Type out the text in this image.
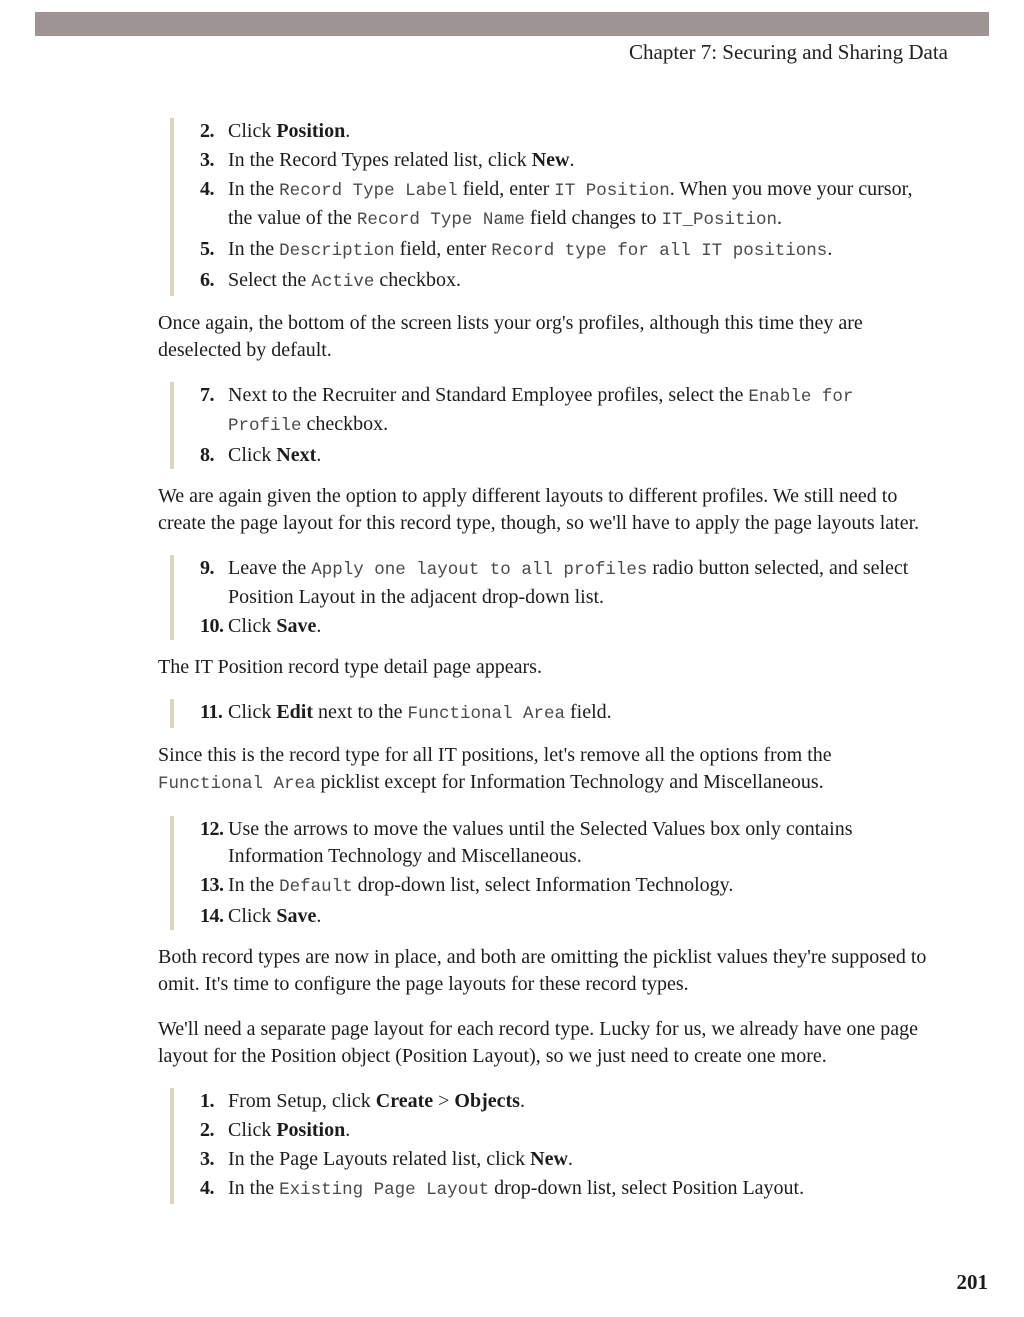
Chapter 7: Securing and Sharing Data
2. Click Position.
3. In the Record Types related list, click New.
4. In the Record Type Label field, enter IT Position. When you move your cursor, the value of the Record Type Name field changes to IT_Position.
5. In the Description field, enter Record type for all IT positions.
6. Select the Active checkbox.
Once again, the bottom of the screen lists your org's profiles, although this time they are deselected by default.
7. Next to the Recruiter and Standard Employee profiles, select the Enable for Profile checkbox.
8. Click Next.
We are again given the option to apply different layouts to different profiles. We still need to create the page layout for this record type, though, so we'll have to apply the page layouts later.
9. Leave the Apply one layout to all profiles radio button selected, and select Position Layout in the adjacent drop-down list.
10. Click Save.
The IT Position record type detail page appears.
11. Click Edit next to the Functional Area field.
Since this is the record type for all IT positions, let's remove all the options from the Functional Area picklist except for Information Technology and Miscellaneous.
12. Use the arrows to move the values until the Selected Values box only contains Information Technology and Miscellaneous.
13. In the Default drop-down list, select Information Technology.
14. Click Save.
Both record types are now in place, and both are omitting the picklist values they're supposed to omit. It's time to configure the page layouts for these record types.
We'll need a separate page layout for each record type. Lucky for us, we already have one page layout for the Position object (Position Layout), so we just need to create one more.
1. From Setup, click Create > Objects.
2. Click Position.
3. In the Page Layouts related list, click New.
4. In the Existing Page Layout drop-down list, select Position Layout.
201
